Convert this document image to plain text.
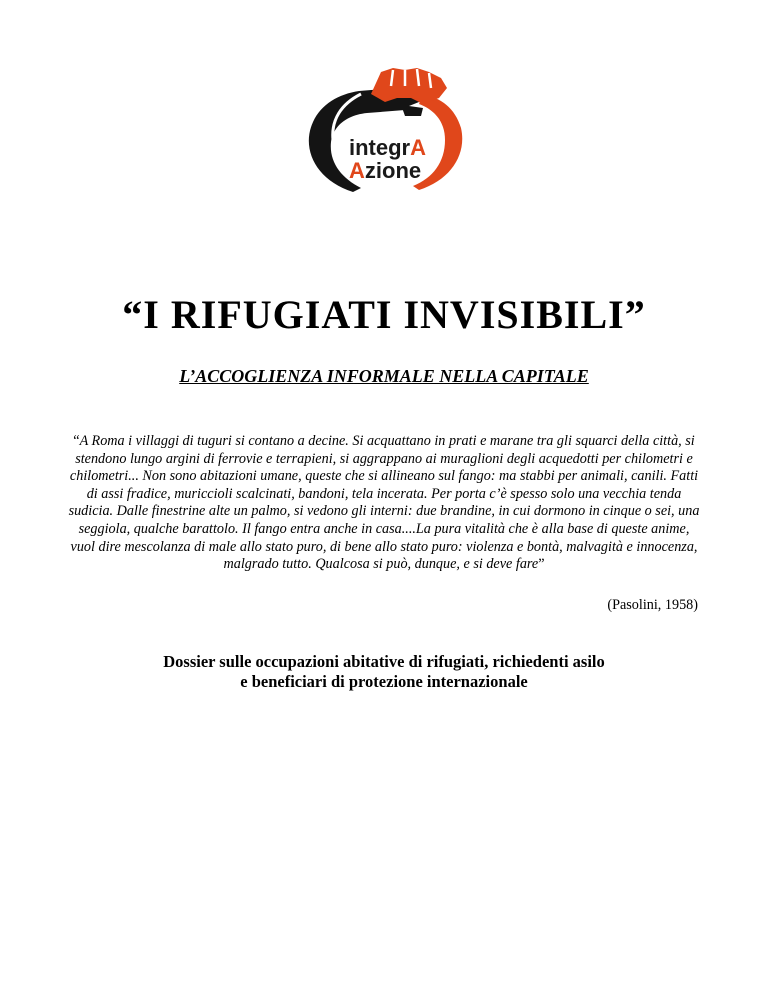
integrA
Azione
“I RIFUGIATI INVISIBILI”
L’ACCOGLIENZA INFORMALE NELLA CAPITALE

“A Roma i villaggi di tuguri si contano a decine. Si acquattano in prati e marane tra gli squarci della città, si stendono lungo argini di ferrovie e terrapieni, si aggrappano ai muraglioni degli acquedotti per chilometri e chilometri... Non sono abitazioni umane, queste che si allineano sul fango: ma stabbi per animali, canili. Fatti di assi fradice, muriccioli scalcinati, bandoni, tela incerata. Per porta c’è spesso solo una vecchia tenda sudicia. Dalle finestrine alte un palmo, si vedono gli interni: due brandine, in cui dormono in cinque o sei, una seggiola, qualche barattolo. Il fango entra anche in casa....La pura vitalità che è alla base di queste anime, vuol dire mescolanza di male allo stato puro, di bene allo stato puro: violenza e bontà, malvagità e innocenza, malgrado tutto. Qualcosa si può, dunque, e si deve fare”

(Pasolini, 1958)

Dossier sulle occupazioni abitative di rifugiati, richiedenti asilo
e beneficiari di protezione internazionale
